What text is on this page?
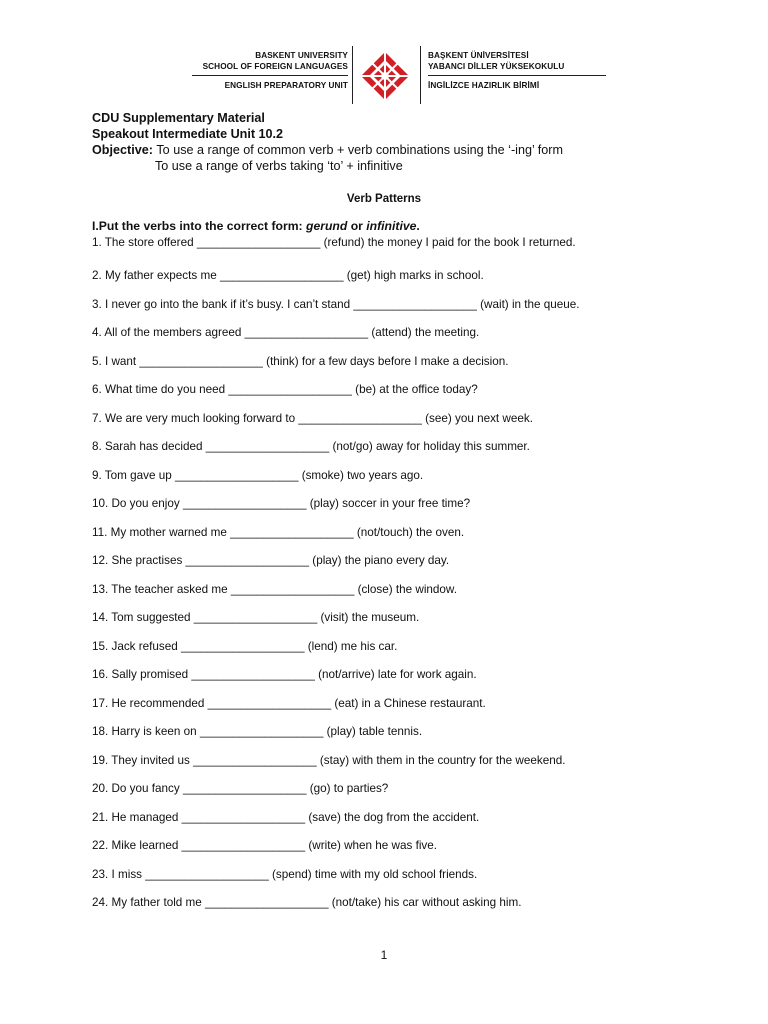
BASKENT UNIVERSITY
SCHOOL OF FOREIGN LANGUAGES
ENGLISH PREPARATORY UNIT
BAŞKENT ÜNİVERSİTESİ
YABANCI DİLLER YÜKSEKOKULU
İNGİLİZCE HAZIRLIK BİRİMİ
CDU Supplementary Material
Speakout Intermediate Unit 10.2
Objective: To use a range of common verb + verb combinations using the ‘-ing’ form
To use a range of verbs taking ‘to’ + infinitive
Verb Patterns
I.Put the verbs into the correct form: gerund or infinitive.
1. The store offered ___________________ (refund) the money I paid for the book I returned.
2. My father expects me ___________________ (get) high marks in school.
3. I never go into the bank if it’s busy. I can’t stand ___________________ (wait) in the queue.
4. All of the members agreed ___________________ (attend) the meeting.
5. I want ___________________ (think) for a few days before I make a decision.
6. What time do you need ___________________ (be) at the office today?
7. We are very much looking forward to ___________________ (see) you next week.
8. Sarah has decided ___________________ (not/go) away for holiday this summer.
9. Tom gave up ___________________ (smoke) two years ago.
10. Do you enjoy ___________________ (play) soccer in your free time?
11. My mother warned me ___________________ (not/touch) the oven.
12. She practises ___________________ (play) the piano every day.
13. The teacher asked me ___________________ (close) the window.
14. Tom suggested ___________________ (visit) the museum.
15. Jack refused ___________________ (lend) me his car.
16. Sally promised ___________________ (not/arrive) late for work again.
17. He recommended ___________________ (eat) in a Chinese restaurant.
18. Harry is keen on ___________________ (play) table tennis.
19. They invited us ___________________ (stay) with them in the country for the weekend.
20. Do you fancy ___________________ (go) to parties?
21. He managed ___________________ (save) the dog from the accident.
22. Mike learned ___________________ (write) when he was five.
23. I miss ___________________ (spend) time with my old school friends.
24. My father told me ___________________ (not/take) his car without asking him.
1
